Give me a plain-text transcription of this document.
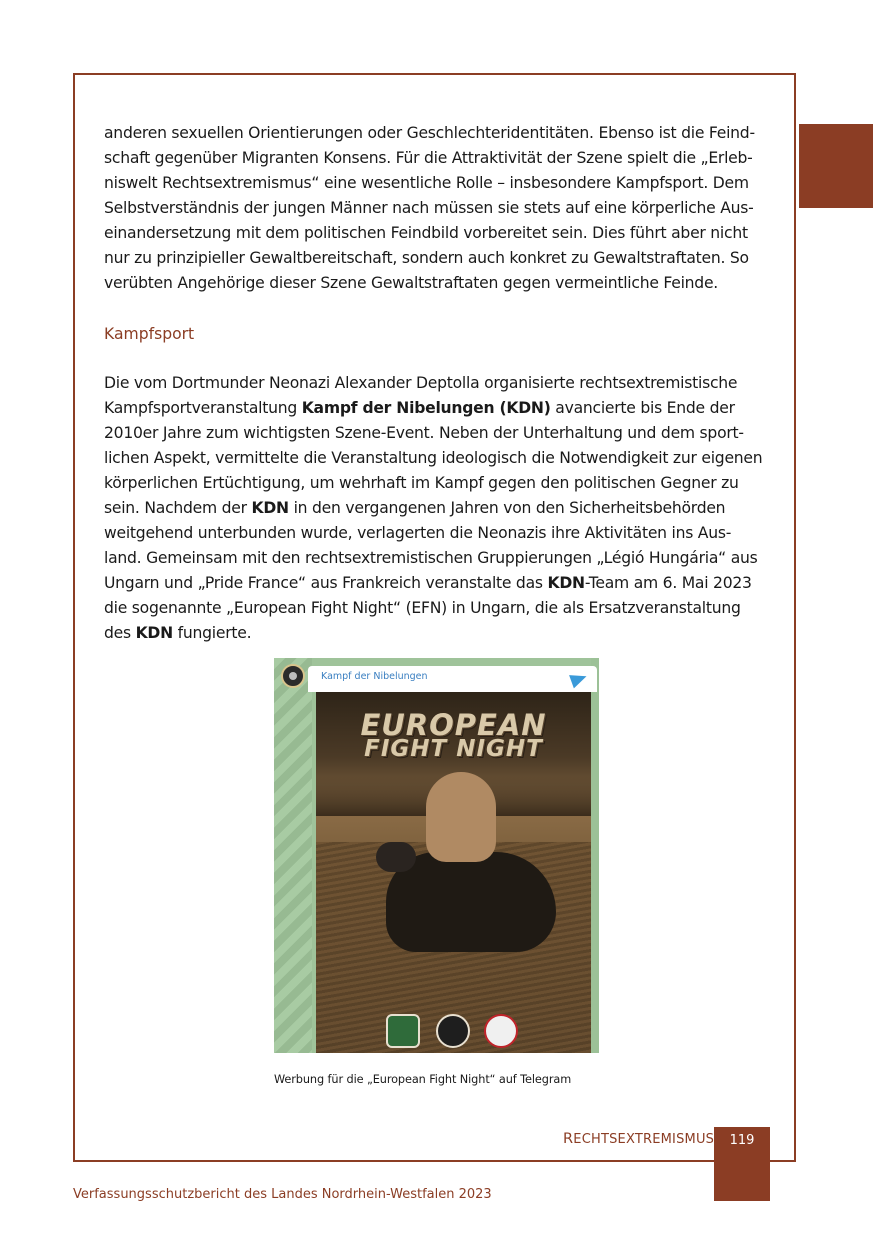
anderen sexuellen Orientierungen oder Geschlechteridentitäten. Ebenso ist die Feind-
schaft gegenüber Migranten Konsens. Für die Attraktivität der Szene spielt die „Erleb-
niswelt Rechtsextremismus“ eine wesentliche Rolle – insbesondere Kampfsport. Dem
Selbstverständnis der jungen Männer nach müssen sie stets auf eine körperliche Aus-
einandersetzung mit dem politischen Feindbild vorbereitet sein. Dies führt aber nicht
nur zu prinzipieller Gewaltbereitschaft, sondern auch konkret zu Gewaltstraftaten. So
verübten Angehörige dieser Szene Gewaltstraftaten gegen vermeintliche Feinde.
Kampfsport
Die vom Dortmunder Neonazi Alexander Deptolla organisierte rechtsextremistische
Kampfsportveranstaltung Kampf der Nibelungen (KDN) avancierte bis Ende der
2010er Jahre zum wichtigsten Szene-Event. Neben der Unterhaltung und dem sport-
lichen Aspekt, vermittelte die Veranstaltung ideologisch die Notwendigkeit zur eigenen
körperlichen Ertüchtigung, um wehrhaft im Kampf gegen den politischen Gegner zu
sein. Nachdem der KDN in den vergangenen Jahren von den Sicherheitsbehörden
weitgehend unterbunden wurde, verlagerten die Neonazis ihre Aktivitäten ins Aus-
land. Gemeinsam mit den rechtsextremistischen Gruppierungen „Légió Hungária“ aus
Ungarn und „Pride France“ aus Frankreich veranstalte das KDN-Team am 6. Mai 2023
die sogenannte „European Fight Night“ (EFN) in Ungarn, die als Ersatzveranstaltung
des KDN fungierte.
Kampf der Nibelungen
EUROPEAN
FIGHT NIGHT
Werbung für die „European Fight Night“ auf Telegram
RECHTSEXTREMISMUS	119
Verfassungsschutzbericht des Landes Nordrhein-Westfalen 2023
